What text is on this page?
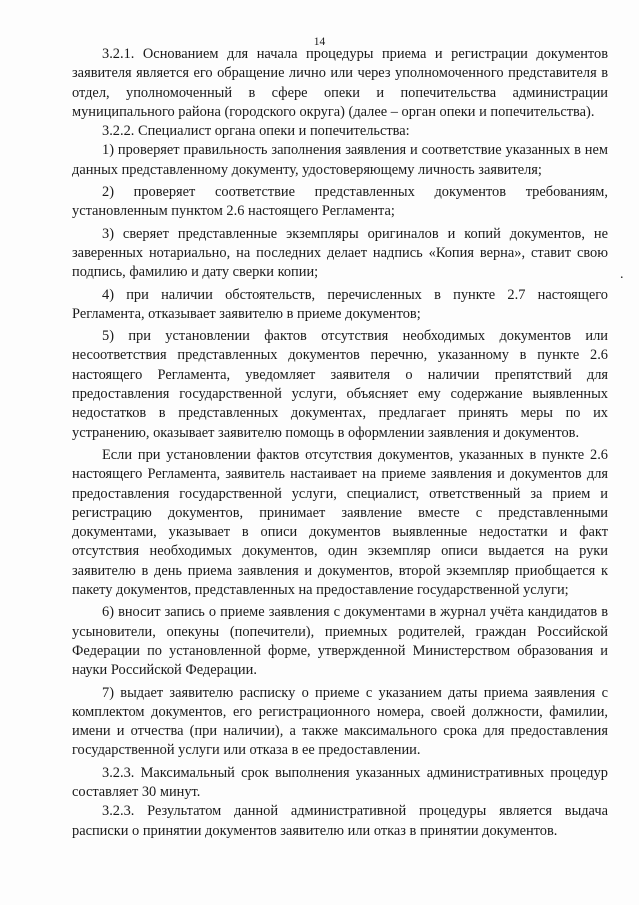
14

3.2.1. Основанием для начала процедуры приема и регистрации документов заявителя является его обращение лично или через уполномоченного представителя в отдел, уполномоченный в сфере опеки и попечительства администрации муниципального района (городского округа) (далее – орган опеки и попечительства).

3.2.2. Специалист органа опеки и попечительства:

1) проверяет правильность заполнения заявления и соответствие указанных в нем данных представленному документу, удостоверяющему личность заявителя;

2) проверяет соответствие представленных документов требованиям, установленным пунктом 2.6 настоящего Регламента;

3) сверяет представленные экземпляры оригиналов и копий документов, не заверенных нотариально, на последних делает надпись «Копия верна», ставит свою подпись, фамилию и дату сверки копии;

4) при наличии обстоятельств, перечисленных в пункте 2.7 настоящего Регламента, отказывает заявителю в приеме документов;

5) при установлении фактов отсутствия необходимых документов или несоответствия представленных документов перечню, указанному в пункте 2.6 настоящего Регламента, уведомляет заявителя о наличии препятствий для предоставления государственной услуги, объясняет ему содержание выявленных недостатков в представленных документах, предлагает принять меры по их устранению, оказывает заявителю помощь в оформлении заявления и документов.

Если при установлении фактов отсутствия документов, указанных в пункте 2.6 настоящего Регламента, заявитель настаивает на приеме заявления и документов для предоставления государственной услуги, специалист, ответственный за прием и регистрацию документов, принимает заявление вместе с представленными документами, указывает в описи документов выявленные недостатки и факт отсутствия необходимых документов, один экземпляр описи выдается на руки заявителю в день приема заявления и документов, второй экземпляр приобщается к пакету документов, представленных на предоставление государственной услуги;

6) вносит запись о приеме заявления с документами в журнал учёта кандидатов в усыновители, опекуны (попечители), приемных родителей, граждан Российской Федерации по установленной форме, утвержденной Министерством образования и науки Российской Федерации.

7) выдает заявителю расписку о приеме с указанием даты приема заявления с комплектом документов, его регистрационного номера, своей должности, фамилии, имени и отчества (при наличии), а также максимального срока для предоставления государственной услуги или отказа в ее предоставлении.

3.2.3. Максимальный срок выполнения указанных административных процедур составляет 30 минут.

3.2.3. Результатом данной административной процедуры является выдача расписки о принятии документов заявителю или отказ в принятии документов.

.
